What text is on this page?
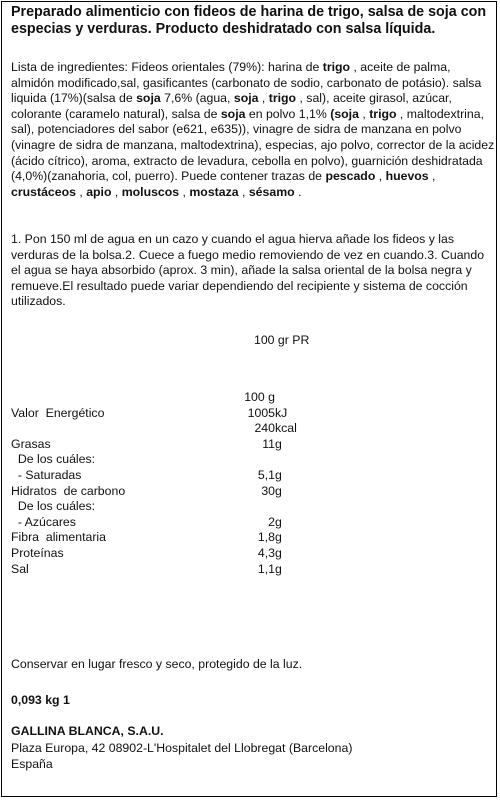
Preparado alimenticio con fideos de harina de trigo, salsa de soja con especias y verduras. Producto deshidratado con salsa líquida.
Lista de ingredientes: Fideos orientales (79%): harina de trigo , aceite de palma, almidón modificado,sal, gasificantes (carbonato de sodio, carbonato de potásio). salsa liquida (17%)(salsa de soja 7,6% (agua, soja , trigo , sal), aceite girasol, azúcar, colorante (caramelo natural), salsa de soja en polvo 1,1% (soja , trigo , maltodextrina, sal), potenciadores del sabor (e621, e635)), vinagre de sidra de manzana en polvo (vinagre de sidra de manzana, maltodextrina), especias, ajo polvo, corrector de la acidez (ácido cítrico), aroma, extracto de levadura, cebolla en polvo), guarnición deshidratada (4,0%)(zanahoria, col, puerro). Puede contener trazas de pescado , huevos , crustáceos , apio , moluscos , mostaza , sésamo .
1. Pon 150 ml de agua en un cazo y cuando el agua hierva añade los fideos y las verduras de la bolsa.2. Cuece a fuego medio removiendo de vez en cuando.3. Cuando el agua se haya absorbido (aprox. 3 min), añade la salsa oriental de la bolsa negra y remueve.El resultado puede variar dependiendo del recipiente y sistema de cocción utilizados.
100 gr PR
100 g
Valor  Energético	1005kJ
240kcal
Grasas	11g
De los cuáles:
- Saturadas	5,1g
Hidratos  de carbono	30g
De los cuáles:
- Azúcares	2g
Fibra  alimentaria	1,8g
Proteínas	4,3g
Sal	1,1g
Conservar en lugar fresco y seco, protegido de la luz.
0,093 kg 1
GALLINA BLANCA, S.A.U.
Plaza Europa, 42 08902-L'Hospitalet del Llobregat (Barcelona)
España
